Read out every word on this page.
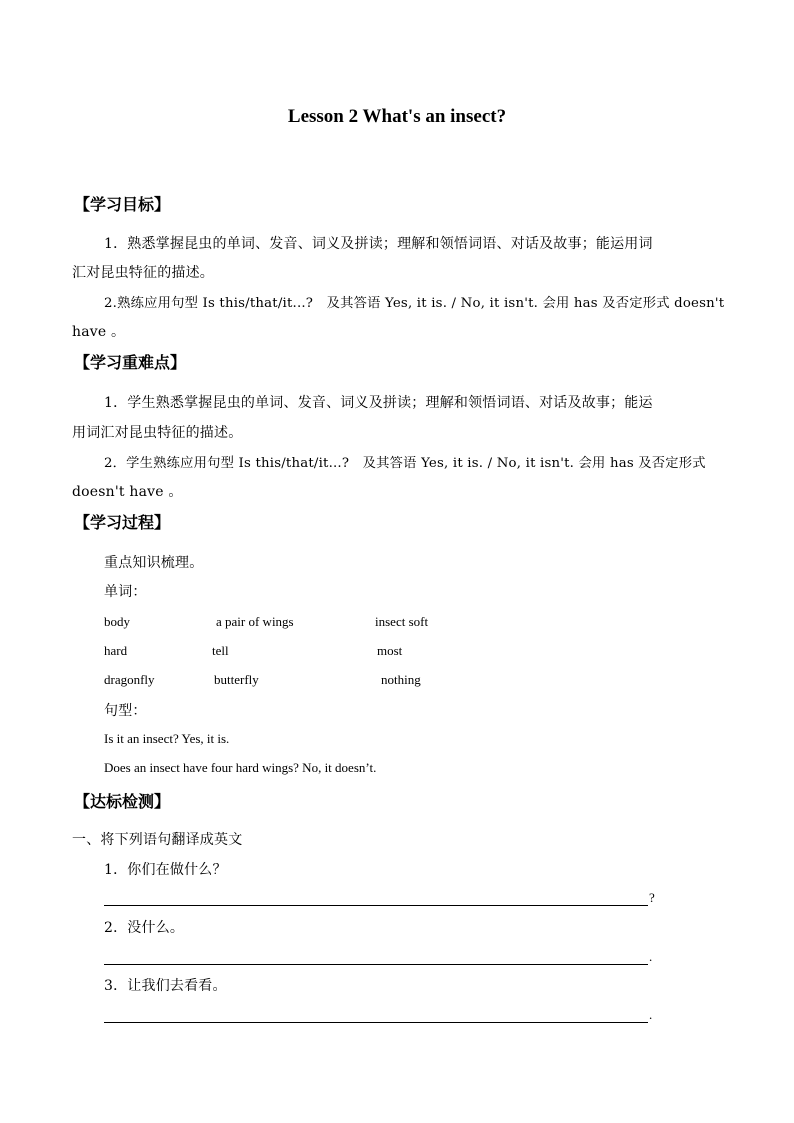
Lesson 2 What's an insect?
【学习目标】
1．熟悉掌握昆虫的单词、发音、词义及拼读；理解和领悟词语、对话及故事；能运用词
汇对昆虫特征的描述。
2.熟练应用句型 Is this/that/it...?　及其答语 Yes, it is. / No, it isn't. 会用 has 及否定形式 doesn't
have 。
【学习重难点】
1．学生熟悉掌握昆虫的单词、发音、词义及拼读；理解和领悟词语、对话及故事；能运
用词汇对昆虫特征的描述。
2．学生熟练应用句型 Is this/that/it...?　及其答语 Yes, it is. / No, it isn't. 会用 has 及否定形式
doesn't have 。
【学习过程】
重点知识梳理。
单词：
body	a pair of wings	insect soft
hard	tell	most
dragonfly	butterfly	nothing
句型：
Is it an insect? Yes, it is.
Does an insect have four hard wings? No, it doesn’t.
【达标检测】
一、将下列语句翻译成英文
1．你们在做什么？
?
2．没什么。
.
3．让我们去看看。
.
